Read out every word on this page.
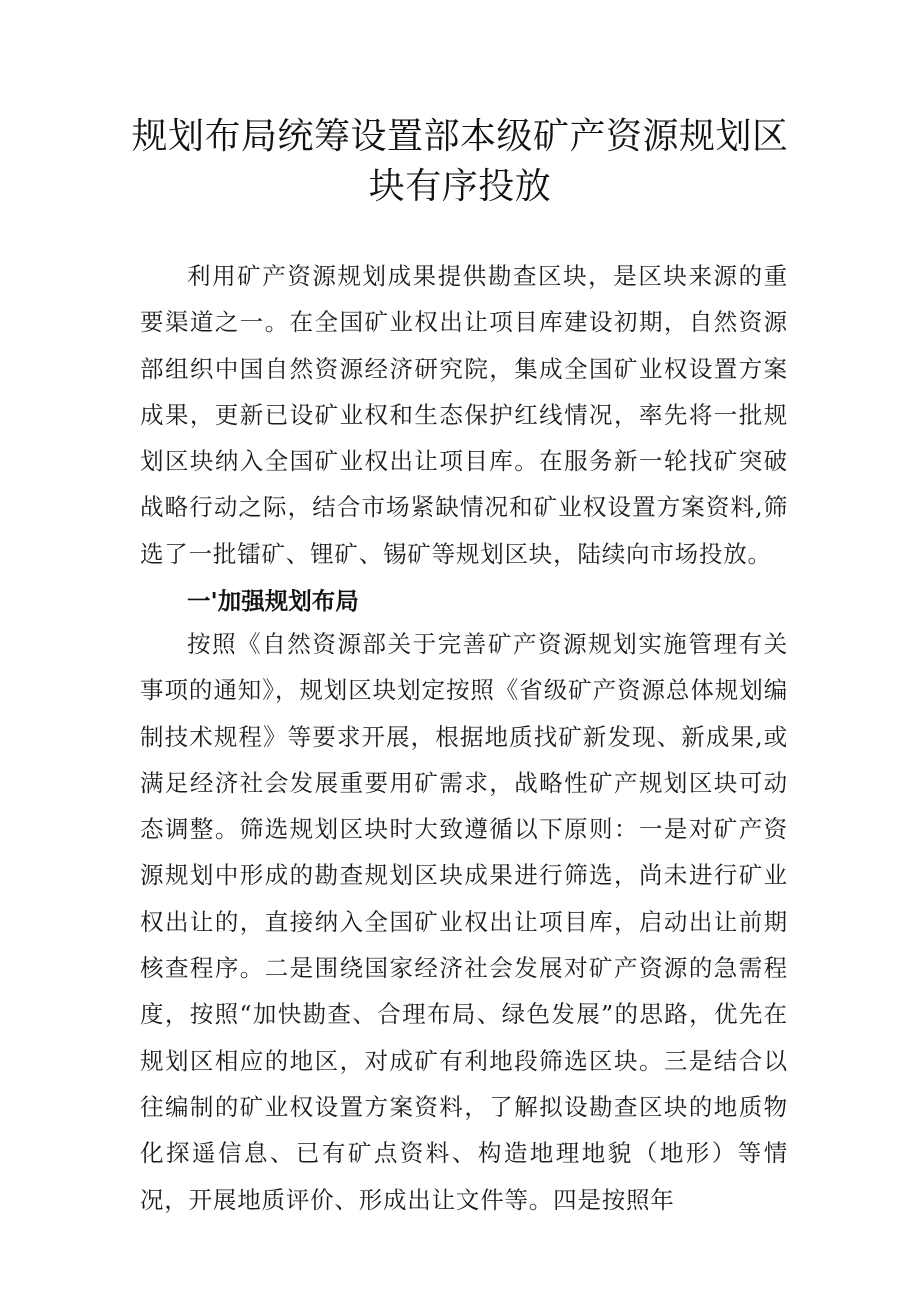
规划布局统筹设置部本级矿产资源规划区块有序投放

利用矿产资源规划成果提供勘查区块，是区块来源的重要渠道之一。在全国矿业权出让项目库建设初期，自然资源部组织中国自然资源经济研究院，集成全国矿业权设置方案成果，更新已设矿业权和生态保护红线情况，率先将一批规划区块纳入全国矿业权出让项目库。在服务新一轮找矿突破战略行动之际，结合市场紧缺情况和矿业权设置方案资料,筛选了一批镭矿、锂矿、锡矿等规划区块，陆续向市场投放。

一'加强规划布局

按照《自然资源部关于完善矿产资源规划实施管理有关事项的通知》，规划区块划定按照《省级矿产资源总体规划编制技术规程》等要求开展，根据地质找矿新发现、新成果,或满足经济社会发展重要用矿需求，战略性矿产规划区块可动态调整。筛选规划区块时大致遵循以下原则：一是对矿产资源规划中形成的勘查规划区块成果进行筛选，尚未进行矿业权出让的，直接纳入全国矿业权出让项目库，启动出让前期核查程序。二是围绕国家经济社会发展对矿产资源的急需程度，按照“加快勘查、合理布局、绿色发展”的思路，优先在规划区相应的地区，对成矿有利地段筛选区块。三是结合以往编制的矿业权设置方案资料，了解拟设勘查区块的地质物化探遥信息、已有矿点资料、构造地理地貌（地形）等情况，开展地质评价、形成出让文件等。四是按照年
